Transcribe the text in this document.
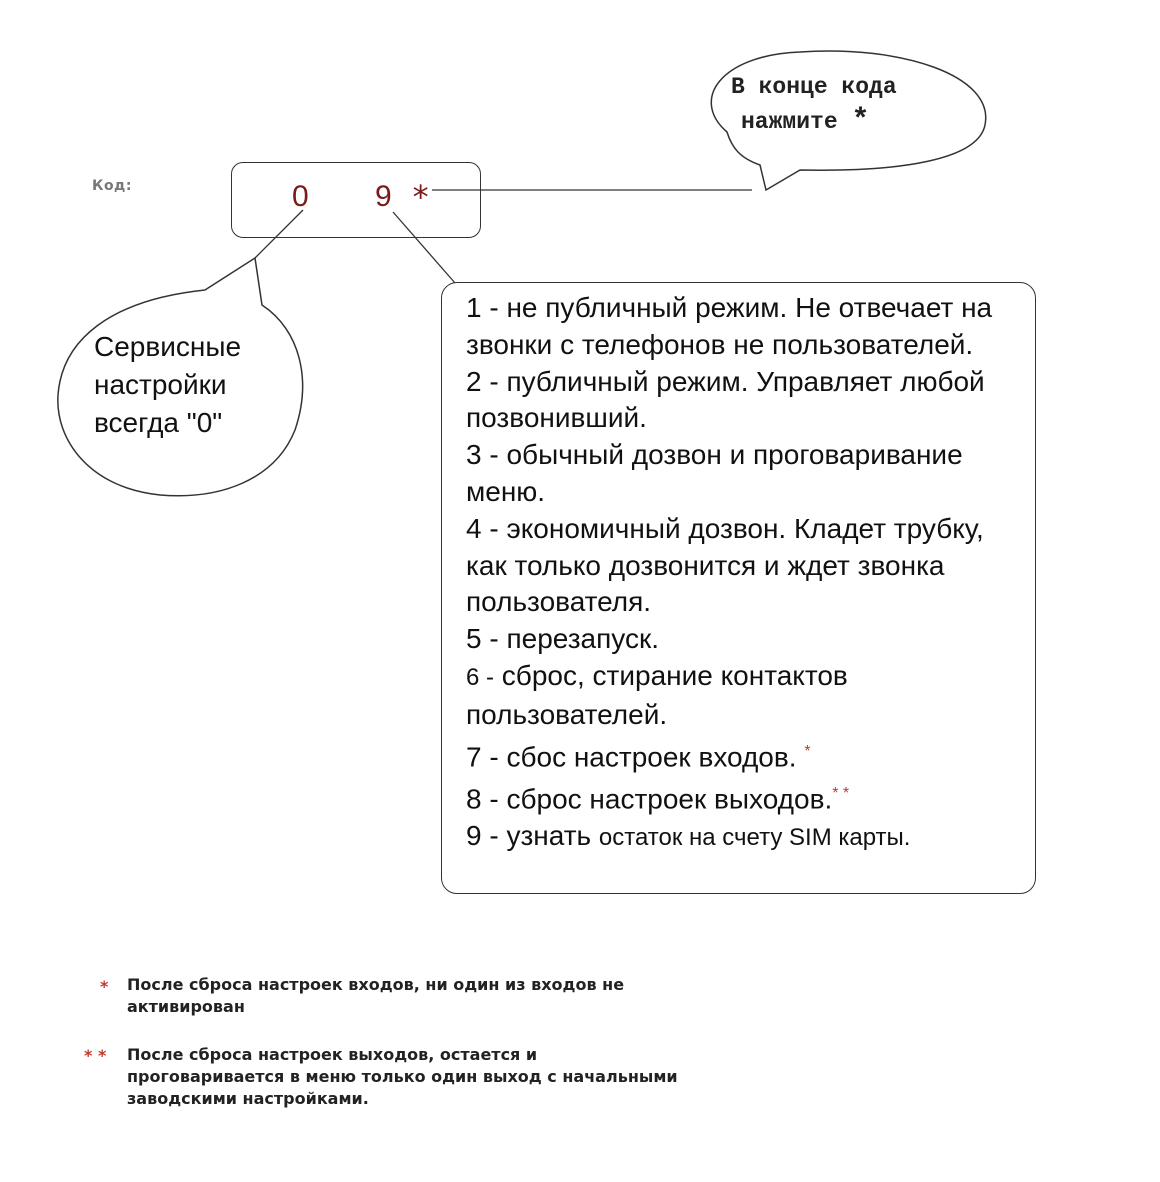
Код:	0 9 *
В конце кода
нажмите *
Сервисные
настройки
всегда "0"
1 - не публичный режим. Не отвечает на звонки с телефонов не пользователей.
2 - публичный режим. Управляет любой позвонивший.
3 - обычный дозвон и проговаривание меню.
4 - экономичный дозвон. Кладет трубку, как только дозвонится и ждет звонка пользователя.
5 - перезапуск.
6 - сброс, стирание контактов пользователей.
7 - сбос настроек входов. *
8 - сброс настроек выходов.* *
9 - узнать остаток на счету SIM карты.
* После сброса настроек входов, ни один из входов не активирован
* * После сброса настроек выходов, остается и проговаривается в меню только один выход с начальными заводскими настройками.
